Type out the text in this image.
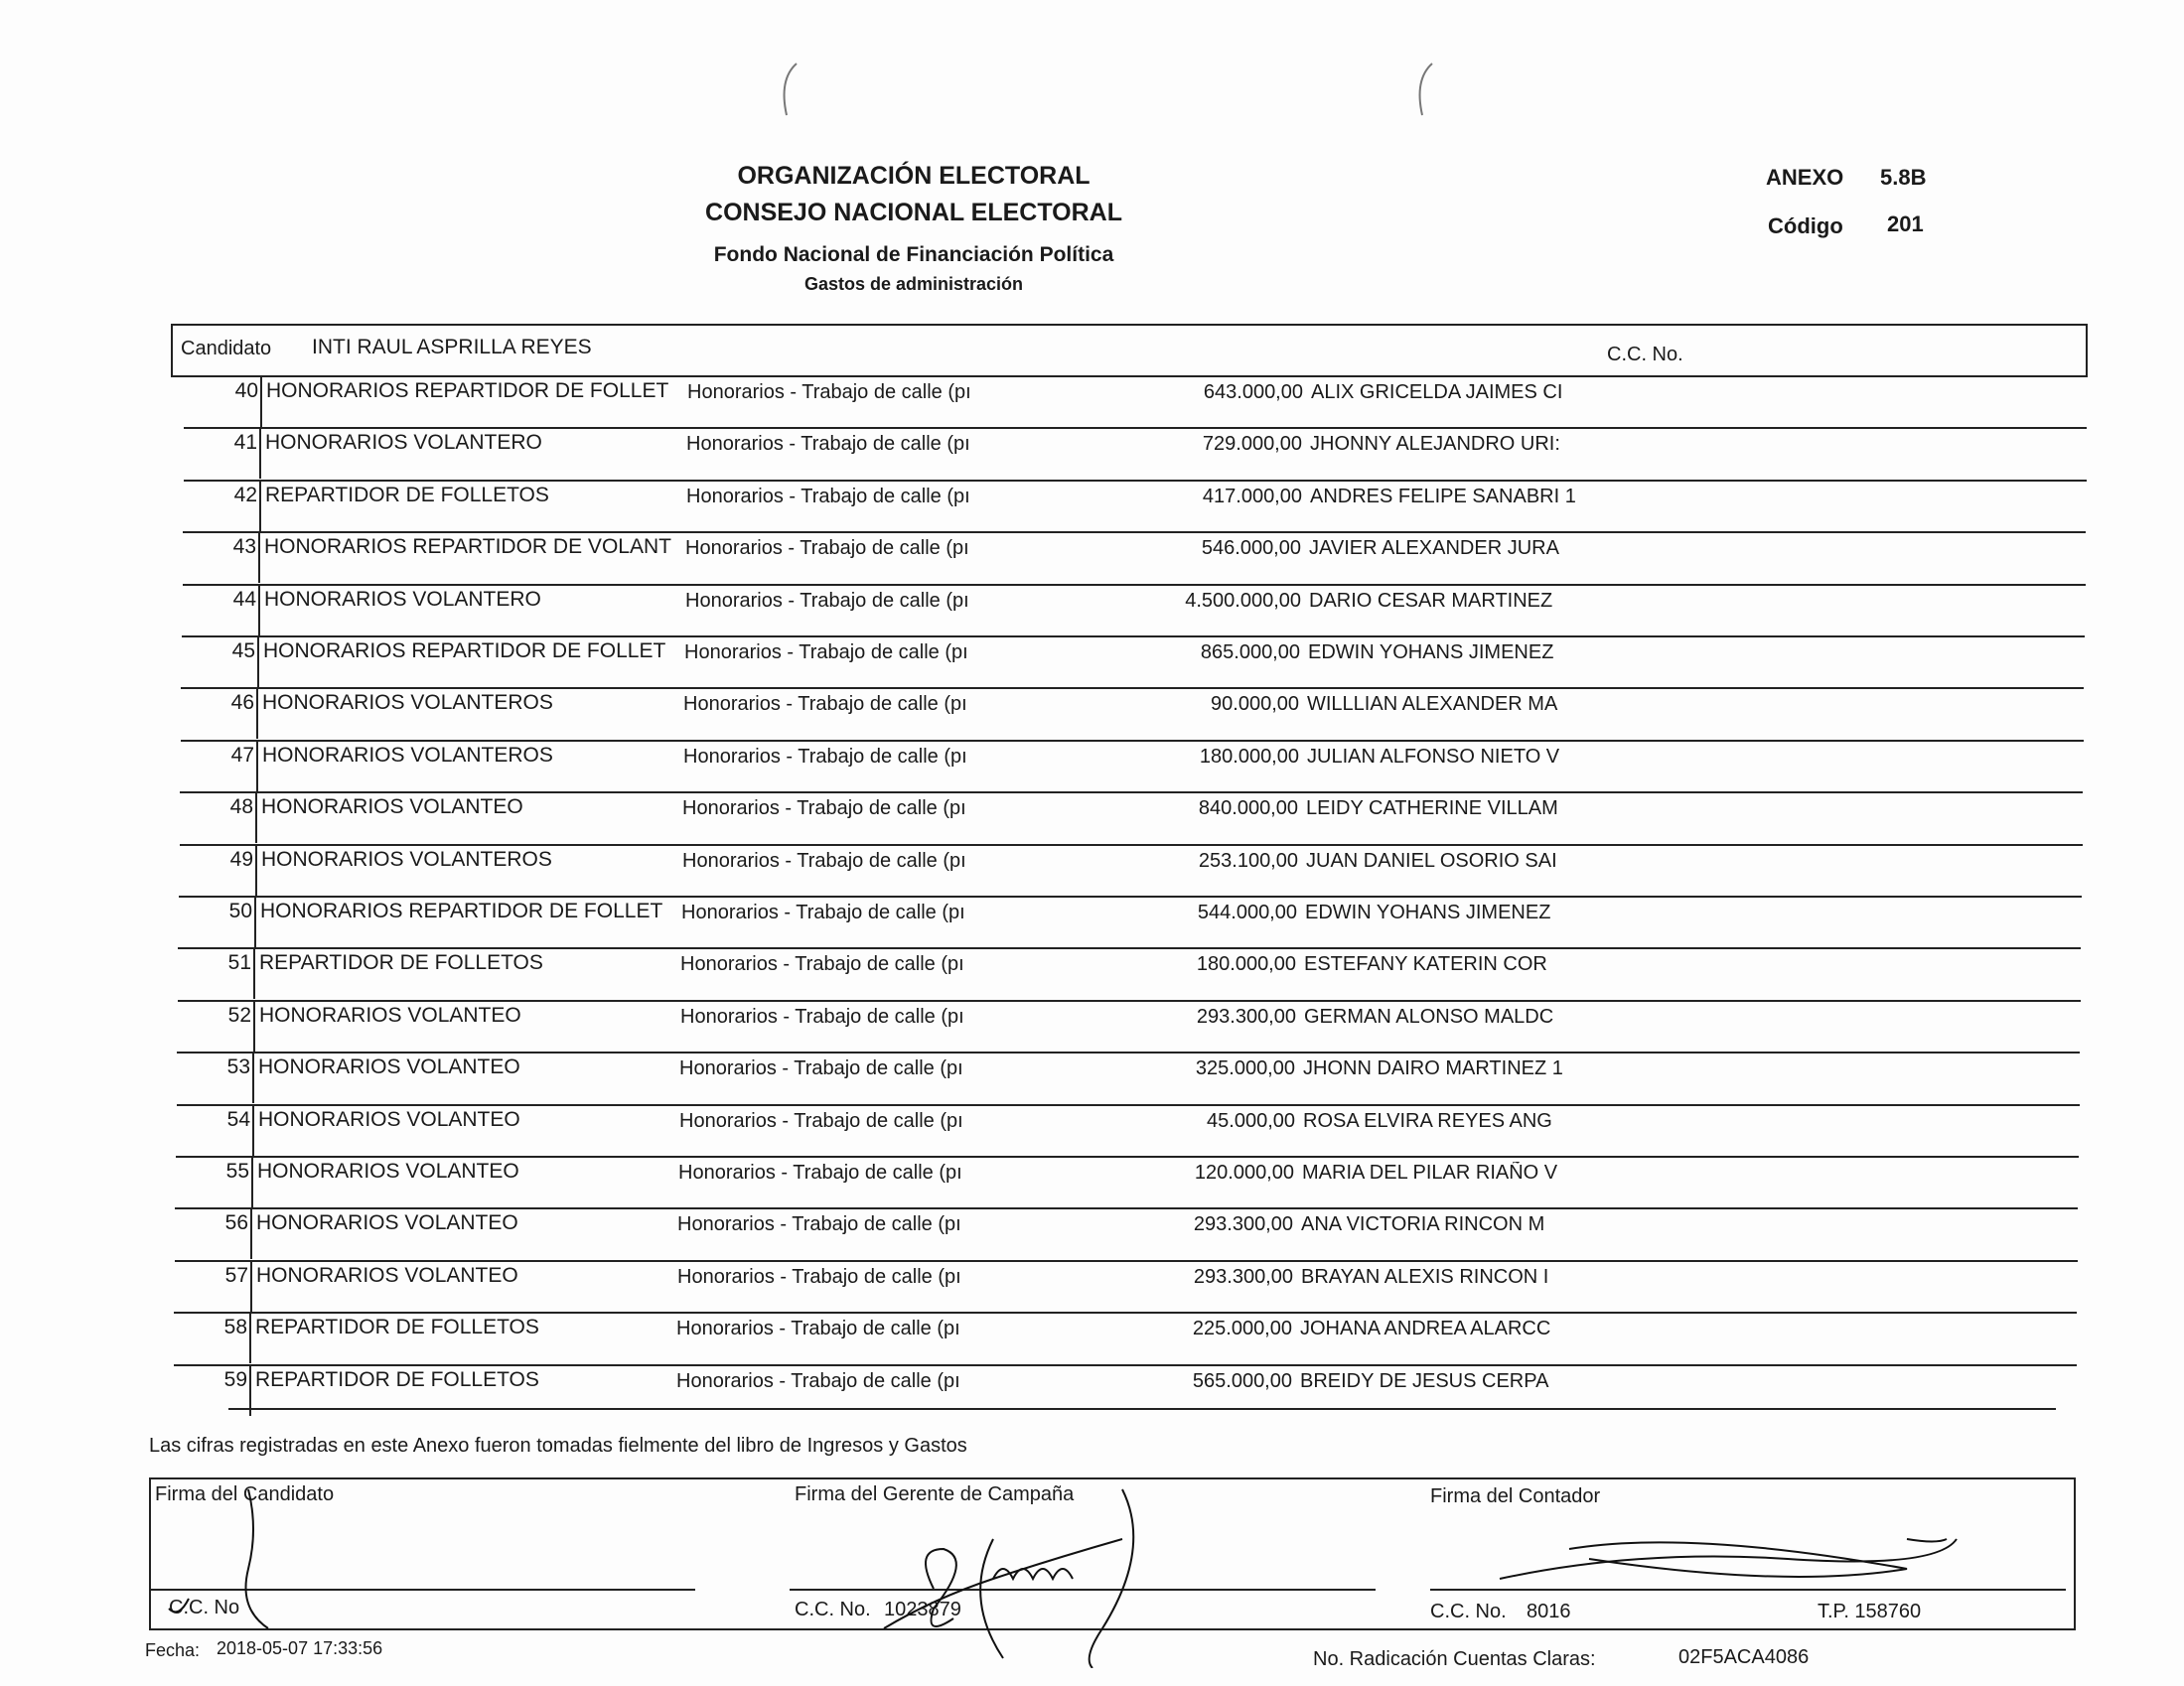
ORGANIZACIÓN ELECTORAL
CONSEJO NACIONAL ELECTORAL
Fondo Nacional de Financiación Política
Gastos de administración
ANEXO 5.8B
Código 201
Candidato INTI RAUL ASPRILLA REYES	C.C. No.
40 HONORARIOS REPARTIDOR DE FOLLET Honorarios - Trabajo de calle (pı	643.000,00 ALIX GRICELDA JAIMES CI
41 HONORARIOS VOLANTERO	Honorarios - Trabajo de calle (pı	729.000,00 JHONNY ALEJANDRO URI:
42 REPARTIDOR DE FOLLETOS	Honorarios - Trabajo de calle (pı	417.000,00 ANDRES FELIPE SANABRI 1
43 HONORARIOS REPARTIDOR DE VOLANT Honorarios - Trabajo de calle (pı	546.000,00 JAVIER ALEXANDER JURA
44 HONORARIOS VOLANTERO	Honorarios - Trabajo de calle (pı	4.500.000,00 DARIO CESAR MARTINEZ
45 HONORARIOS REPARTIDOR DE FOLLET Honorarios - Trabajo de calle (pı	865.000,00 EDWIN YOHANS JIMENEZ
46 HONORARIOS VOLANTEROS	Honorarios - Trabajo de calle (pı	90.000,00 WILLLIAN ALEXANDER MA
47 HONORARIOS VOLANTEROS	Honorarios - Trabajo de calle (pı	180.000,00 JULIAN ALFONSO NIETO V
48 HONORARIOS VOLANTEO	Honorarios - Trabajo de calle (pı	840.000,00 LEIDY CATHERINE VILLAM
49 HONORARIOS VOLANTEROS	Honorarios - Trabajo de calle (pı	253.100,00 JUAN DANIEL OSORIO SAI
50 HONORARIOS REPARTIDOR DE FOLLET Honorarios - Trabajo de calle (pı	544.000,00 EDWIN YOHANS JIMENEZ
51 REPARTIDOR DE FOLLETOS	Honorarios - Trabajo de calle (pı	180.000,00 ESTEFANY KATERIN COR
52 HONORARIOS VOLANTEO	Honorarios - Trabajo de calle (pı	293.300,00 GERMAN ALONSO MALDC
53 HONORARIOS VOLANTEO	Honorarios - Trabajo de calle (pı	325.000,00 JHONN DAIRO MARTINEZ 1
54 HONORARIOS VOLANTEO	Honorarios - Trabajo de calle (pı	45.000,00 ROSA ELVIRA REYES ANG
55 HONORARIOS VOLANTEO	Honorarios - Trabajo de calle (pı	120.000,00 MARIA DEL PILAR RIAÑO V
56 HONORARIOS VOLANTEO	Honorarios - Trabajo de calle (pı	293.300,00 ANA VICTORIA RINCON M
57 HONORARIOS VOLANTEO	Honorarios - Trabajo de calle (pı	293.300,00 BRAYAN ALEXIS RINCON I
58 REPARTIDOR DE FOLLETOS	Honorarios - Trabajo de calle (pı	225.000,00 JOHANA ANDREA ALARCC
59 REPARTIDOR DE FOLLETOS	Honorarios - Trabajo de calle (pı	565.000,00 BREIDY DE JESUS CERPA
Las cifras registradas en este Anexo fueron tomadas fielmente del libro de Ingresos y Gastos
Firma del Candidato	Firma del Gerente de Campaña	Firma del Contador
C.C. No	C.C. No. 1023879	C.C. No. 8016	T.P. 158760
Fecha: 2018-05-07 17:33:56	No. Radicación Cuentas Claras:	02F5ACA4086
